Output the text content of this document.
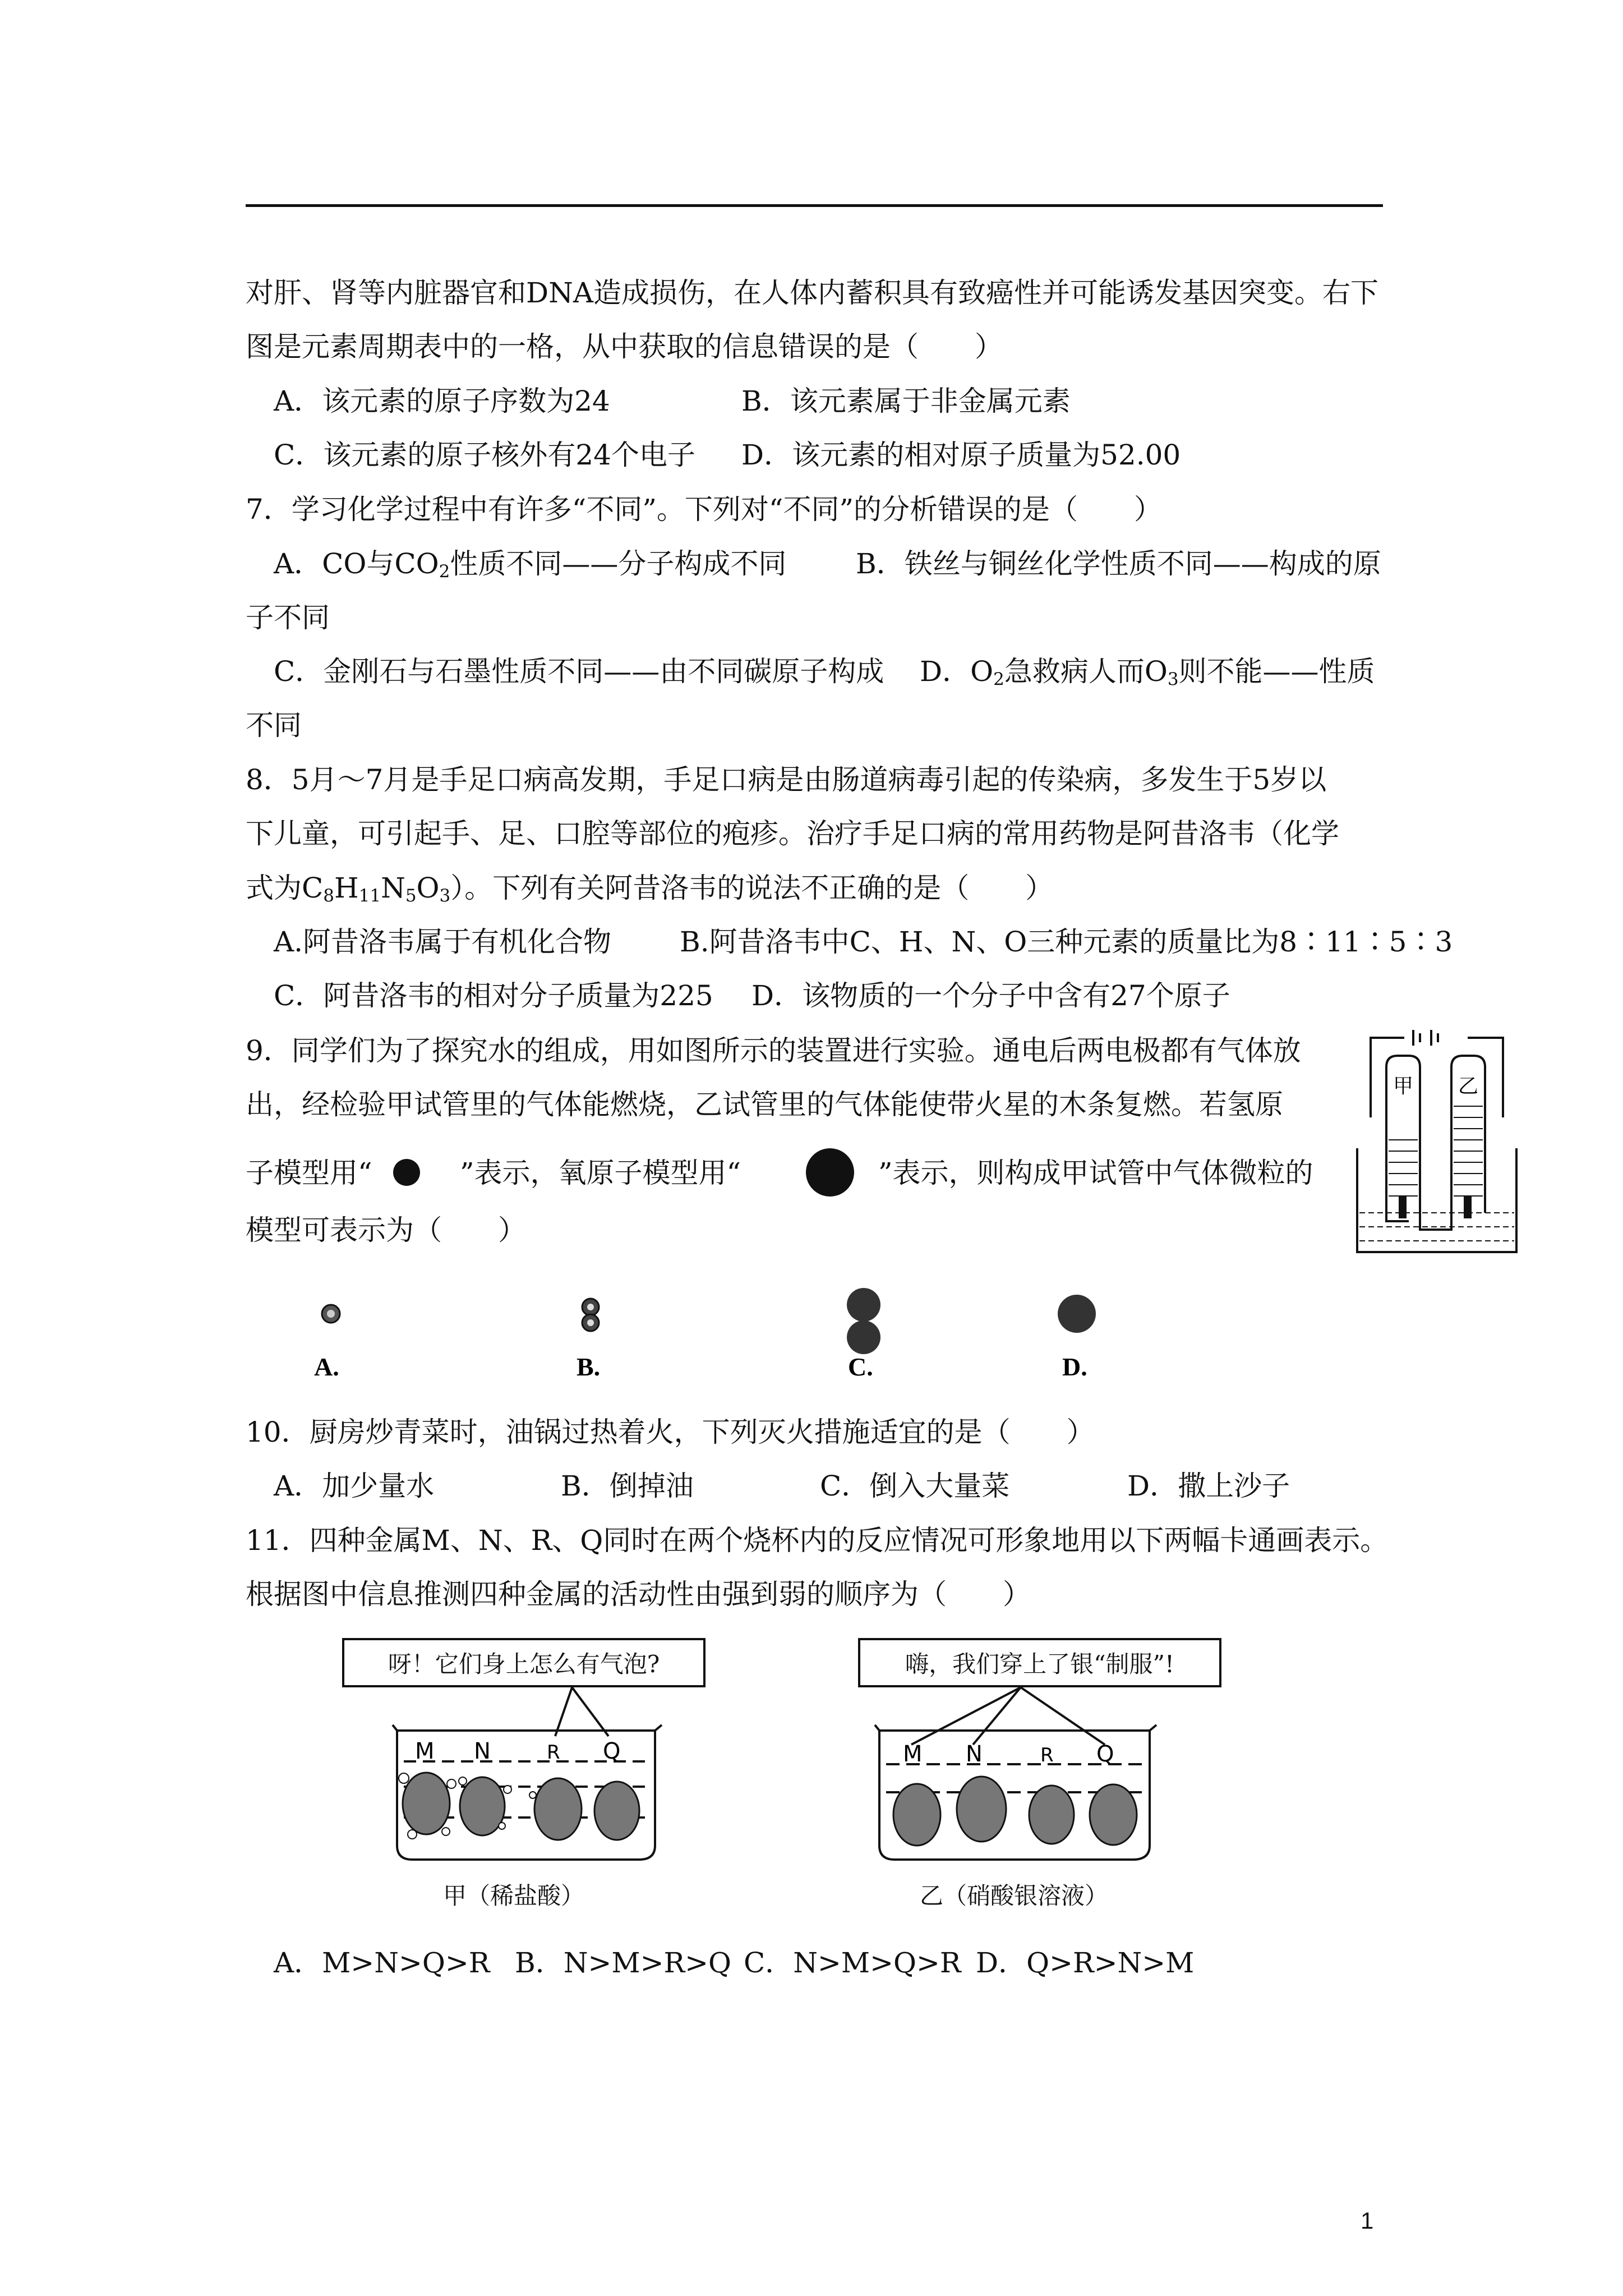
对肝、肾等内脏器官和DNA造成损伤，在人体内蓄积具有致癌性并可能诱发基因突变。右下
图是元素周期表中的一格，从中获取的信息错误的是（　　）
A．该元素的原子序数为24	B．该元素属于非金属元素
C．该元素的原子核外有24个电子 D．该元素的相对原子质量为52.00
7．学习化学过程中有许多“不同”。下列对“不同”的分析错误的是（　　）
A．CO与$CO_2$性质不同——分子构成不同 B．铁丝与铜丝化学性质不同——构成的原
子不同
C．金刚石与石墨性质不同——由不同碳原子构成 D．$O_2$急救病人而$O_3$则不能——性质
不同
8．5月～7月是手足口病高发期，手足口病是由肠道病毒引起的传染病，多发生于5岁以
下儿童，可引起手、足、口腔等部位的疱疹。治疗手足口病的常用药物是阿昔洛韦（化学
式为$C_8H_{11}N_5O_3$）。下列有关阿昔洛韦的说法不正确的是（　　）
A.阿昔洛韦属于有机化合物 B.阿昔洛韦中C、H、N、O三种元素的质量比为8∶11∶5∶3
C．阿昔洛韦的相对分子质量为225 D．该物质的一个分子中含有27个原子
9．同学们为了探究水的组成，用如图所示的装置进行实验。通电后两电极都有气体放
出，经检验甲试管里的气体能燃烧，乙试管里的气体能使带火星的木条复燃。若氢原
子模型用“	”表示，氧原子模型用“	”表示，则构成甲试管中气体微粒的
模型可表示为（　　）
甲 乙
A.	B.	C.	D.
10．厨房炒青菜时，油锅过热着火，下列灭火措施适宜的是（　　）
A．加少量水	B．倒掉油	C．倒入大量菜	D．撒上沙子
11．四种金属M、N、R、Q同时在两个烧杯内的反应情况可形象地用以下两幅卡通画表示。
根据图中信息推测四种金属的活动性由强到弱的顺序为（　　）
呀！它们身上怎么有气泡?	嗨，我们穿上了银“制服”!
M N	R Q
甲（稀盐酸）
M N	R Q
乙（硝酸银溶液）
A．M>N>Q>R B．N>M>R>Q C．N>M>Q>R D．Q>R>N>M
1
